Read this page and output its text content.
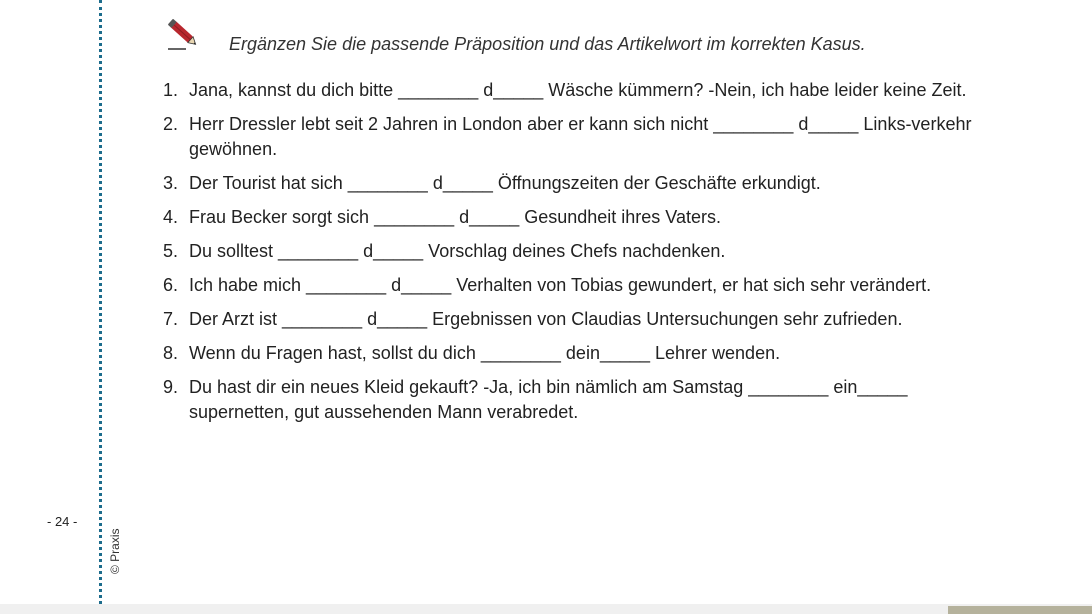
- 24 -
© Praxis
Ergänzen Sie die passende Präposition und das Artikelwort im korrekten Kasus.
1. Jana, kannst du dich bitte ________ d_____ Wäsche kümmern? -Nein, ich habe leider keine Zeit.
2. Herr Dressler lebt seit 2 Jahren in London aber er kann sich nicht ________ d_____ Links-verkehr gewöhnen.
3. Der Tourist hat sich ________ d_____ Öffnungszeiten der Geschäfte erkundigt.
4. Frau Becker sorgt sich ________ d_____ Gesundheit ihres Vaters.
5. Du solltest ________ d_____ Vorschlag deines Chefs nachdenken.
6. Ich habe mich ________ d_____ Verhalten von Tobias gewundert, er hat sich sehr verändert.
7. Der Arzt ist ________ d_____ Ergebnissen von Claudias Untersuchungen sehr zufrieden.
8. Wenn du Fragen hast, sollst du dich ________ dein_____ Lehrer wenden.
9. Du hast dir ein neues Kleid gekauft? -Ja, ich bin nämlich am Samstag ________ ein_____ supernetten, gut aussehenden Mann verabredet.
